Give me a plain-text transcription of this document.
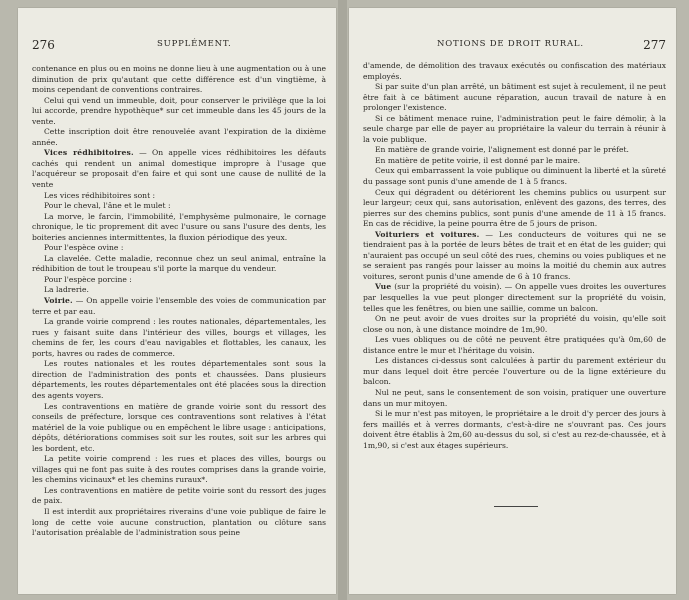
276	SUPPLÉMENT.

contenance en plus ou en moins ne donne lieu à une augmentation ou à une diminution de prix qu'autant que cette différence est d'un vingtième, à moins cependant de conventions contraires.

Celui qui vend un immeuble, doit, pour conserver le privilège que la loi lui accorde, prendre hypothèque* sur cet immeuble dans les 45 jours de la vente.

Cette inscription doit être renouvelée avant l'expiration de la dixième année.

Vices rédhibitoires. — On appelle vices rédhibitoires les défauts cachés qui rendent un animal domestique impropre à l'usage que l'acquéreur se proposait d'en faire et qui sont une cause de nullité de la vente

Les vices rédhibitoires sont :

Pour le cheval, l'âne et le mulet :

La morve, le farcin, l'immobilité, l'emphysème pulmonaire, le cornage chronique, le tic proprement dit avec l'usure ou sans l'usure des dents, les boiteries anciennes intermittentes, la fluxion périodique des yeux.

Pour l'espèce ovine :

La clavelée. Cette maladie, reconnue chez un seul animal, entraîne la rédhibition de tout le troupeau s'il porte la marque du vendeur.

Pour l'espèce porcine :

La ladrerie.

Voirie. — On appelle voirie l'ensemble des voies de communication par terre et par eau.

La grande voirie comprend : les routes nationales, départementales, les rues y faisant suite dans l'intérieur des villes, bourgs et villages, les chemins de fer, les cours d'eau navigables et flottables, les canaux, les ports, havres ou rades de commerce.

Les routes nationales et les routes départementales sont sous la direction de l'administration des ponts et chaussées. Dans plusieurs départements, les routes départementales ont été placées sous la direction des agents voyers.

Les contraventions en matière de grande voirie sont du ressort des conseils de préfecture, lorsque ces contraventions sont relatives à l'état matériel de la voie publique ou en empêchent le libre usage : anticipations, dépôts, détériorations commises soit sur les routes, soit sur les arbres qui les bordent, etc.

La petite voirie comprend : les rues et places des villes, bourgs ou villages qui ne font pas suite à des routes comprises dans la grande voirie, les chemins vicinaux* et les chemins ruraux*.

Les contraventions en matière de petite voirie sont du ressort des juges de paix.

Il est interdit aux propriétaires riverains d'une voie publique de faire le long de cette voie aucune construction, plantation ou clôture sans l'autorisation préalable de l'administration sous peine

NOTIONS DE DROIT RURAL.	277

d'amende, de démolition des travaux exécutés ou confiscation des matériaux employés.

Si par suite d'un plan arrêté, un bâtiment est sujet à reculement, il ne peut être fait à ce bâtiment aucune réparation, aucun travail de nature à en prolonger l'existence.

Si ce bâtiment menace ruine, l'administration peut le faire démolir, à la seule charge par elle de payer au propriétaire la valeur du terrain à réunir à la voie publique.

En matière de grande voirie, l'alignement est donné par le préfet.

En matière de petite voirie, il est donné par le maire.

Ceux qui embarrassent la voie publique ou diminuent la liberté et la sûreté du passage sont punis d'une amende de 1 à 5 francs.

Ceux qui dégradent ou détériorent les chemins publics ou usurpent sur leur largeur; ceux qui, sans autorisation, enlèvent des gazons, des terres, des pierres sur des chemins publics, sont punis d'une amende de 11 à 15 francs. En cas de récidive, la peine pourra être de 5 jours de prison.

Voituriers et voitures. — Les conducteurs de voitures qui ne se tiendraient pas à la portée de leurs bêtes de trait et en état de les guider; qui n'auraient pas occupé un seul côté des rues, chemins ou voies publiques et ne se seraient pas rangés pour laisser au moins la moitié du chemin aux autres voitures, seront punis d'une amende de 6 à 10 francs.

Vue (sur la propriété du voisin). — On appelle vues droites les ouvertures par lesquelles la vue peut plonger directement sur la propriété du voisin, telles que les fenêtres, ou bien une saillie, comme un balcon.

On ne peut avoir de vues droites sur la propriété du voisin, qu'elle soit close ou non, à une distance moindre de 1m,90.

Les vues obliques ou de côté ne peuvent être pratiquées qu'à 0m,60 de distance entre le mur et l'héritage du voisin.

Les distances ci-dessus sont calculées à partir du parement extérieur du mur dans lequel doit être percée l'ouverture ou de la ligne extérieure du balcon.

Nul ne peut, sans le consentement de son voisin, pratiquer une ouverture dans un mur mitoyen.

Si le mur n'est pas mitoyen, le propriétaire a le droit d'y percer des jours à fers maillés et à verres dormants, c'est-à-dire ne s'ouvrant pas. Ces jours doivent être établis à 2m,60 au-dessus du sol, si c'est au rez-de-chaussée, et à 1m,90, si c'est aux étages supérieurs.
